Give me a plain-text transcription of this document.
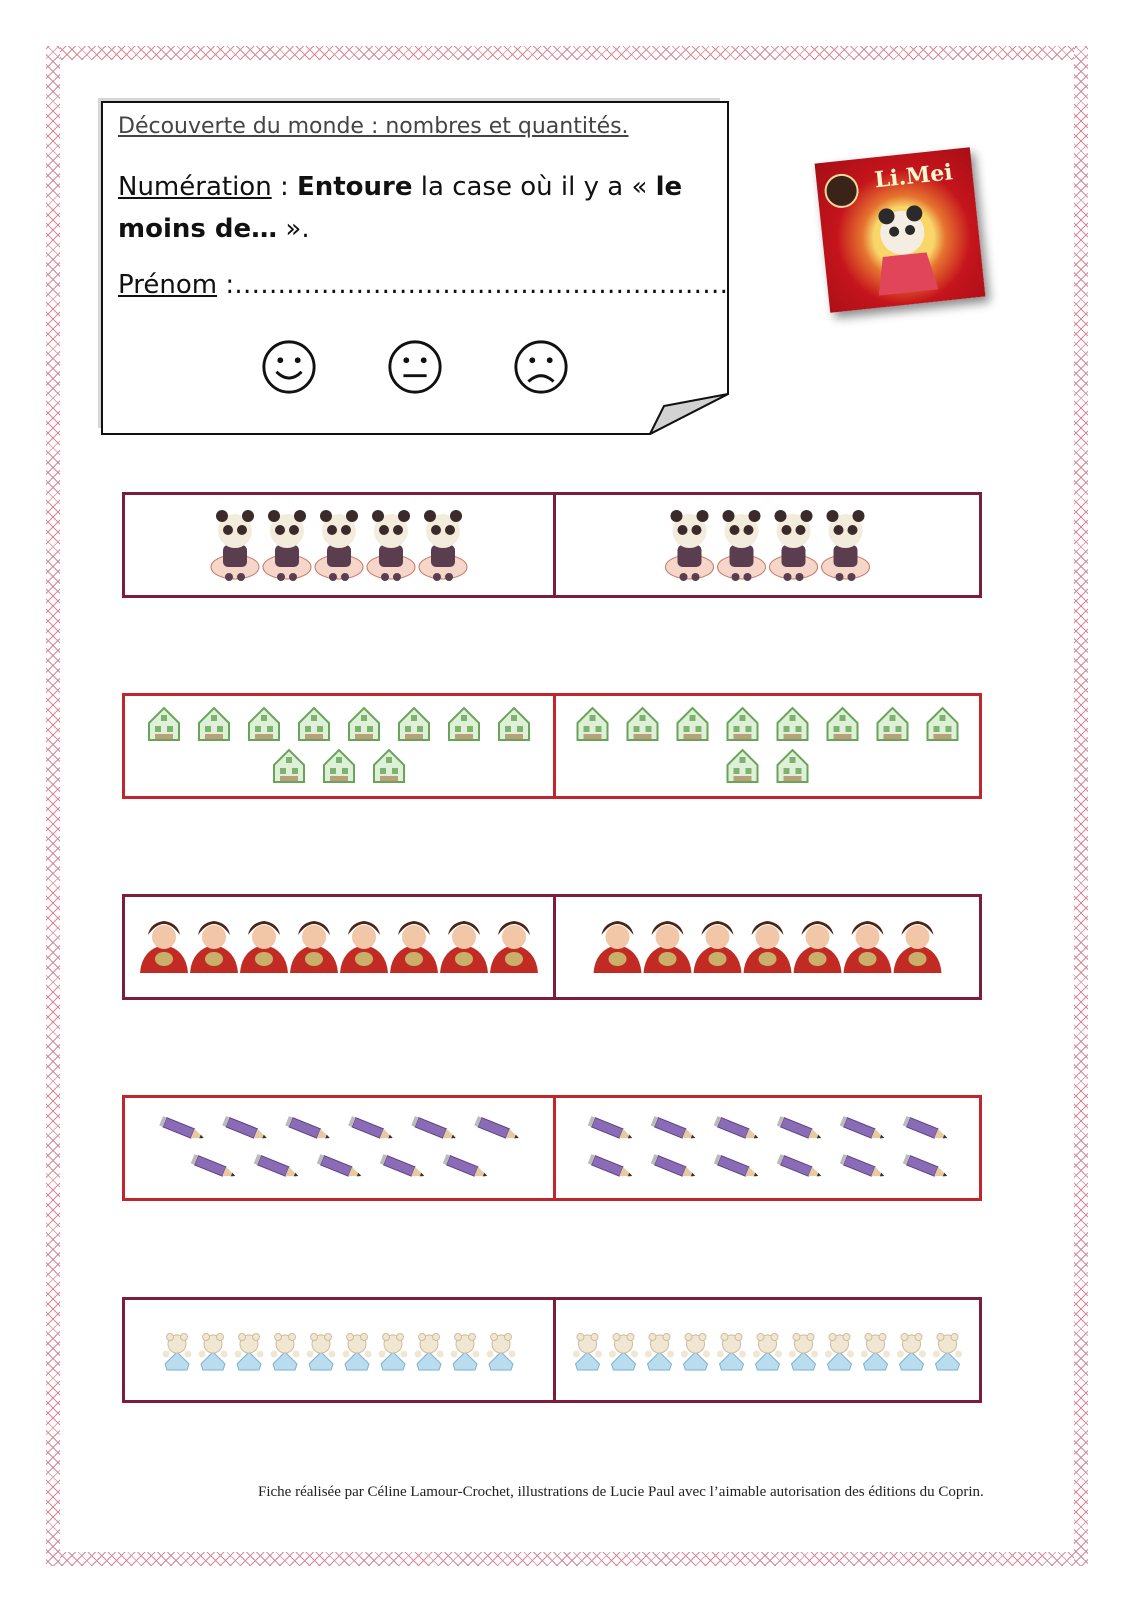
Découverte du monde : nombres et quantités.
Numération : Entoure la case où il y a « le moins de… ».
Prénom :…………………………………………………
Li.Mei
Fiche réalisée par Céline Lamour-Crochet, illustrations de Lucie Paul avec l’aimable autorisation des éditions du Coprin.
